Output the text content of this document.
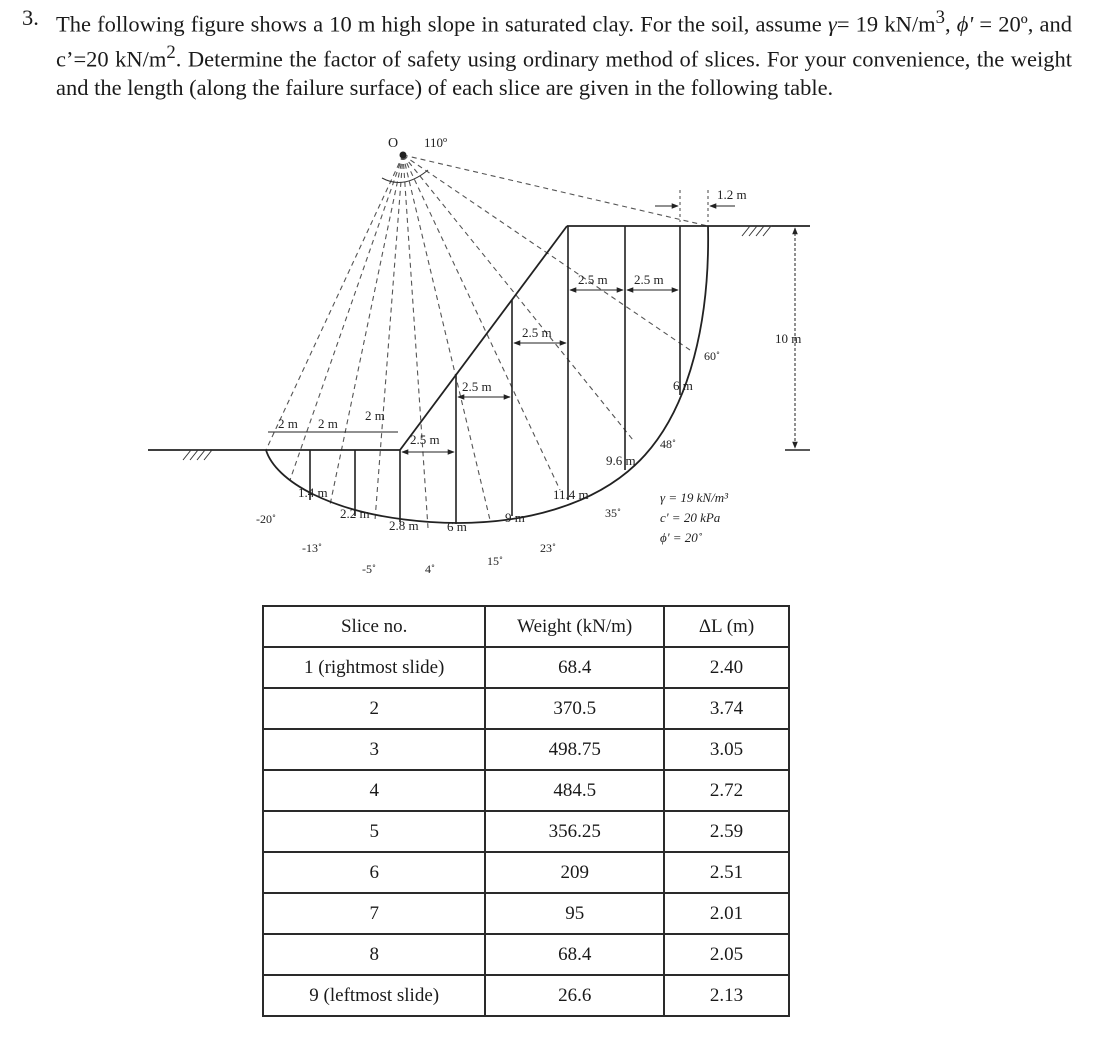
3. The following figure shows a 10 m high slope in saturated clay. For the soil, assume γ= 19 $kN/m^3$, ϕ' = 20º, and c’=20 $kN/m^2$. Determine the factor of safety using ordinary method of slices. For your convenience, the weight and the length (along the failure surface) of each slice are given in the following table.
O 110º
1.2 m
10 m
2.5 m 2.5 m
2.5 m
2.5 m
2.5 m
2 m 2 m
2 m
60˚
6 m
48˚
9.6 m
11.4 m
9 m
6 m
2.8 m
2.2 m
1.4 m
35˚
23˚
15˚
4˚
-5˚
-13˚
-20˚
γ = 19 kN/m³
c' = 20 kPa
ϕ' = 20˚
Slice no.	Weight (kN/m)	ΔL (m)
1 (rightmost slide)	68.4	2.40
2	370.5	3.74
3	498.75	3.05
4	484.5	2.72
5	356.25	2.59
6	209	2.51
7	95	2.01
8	68.4	2.05
9 (leftmost slide)	26.6	2.13
